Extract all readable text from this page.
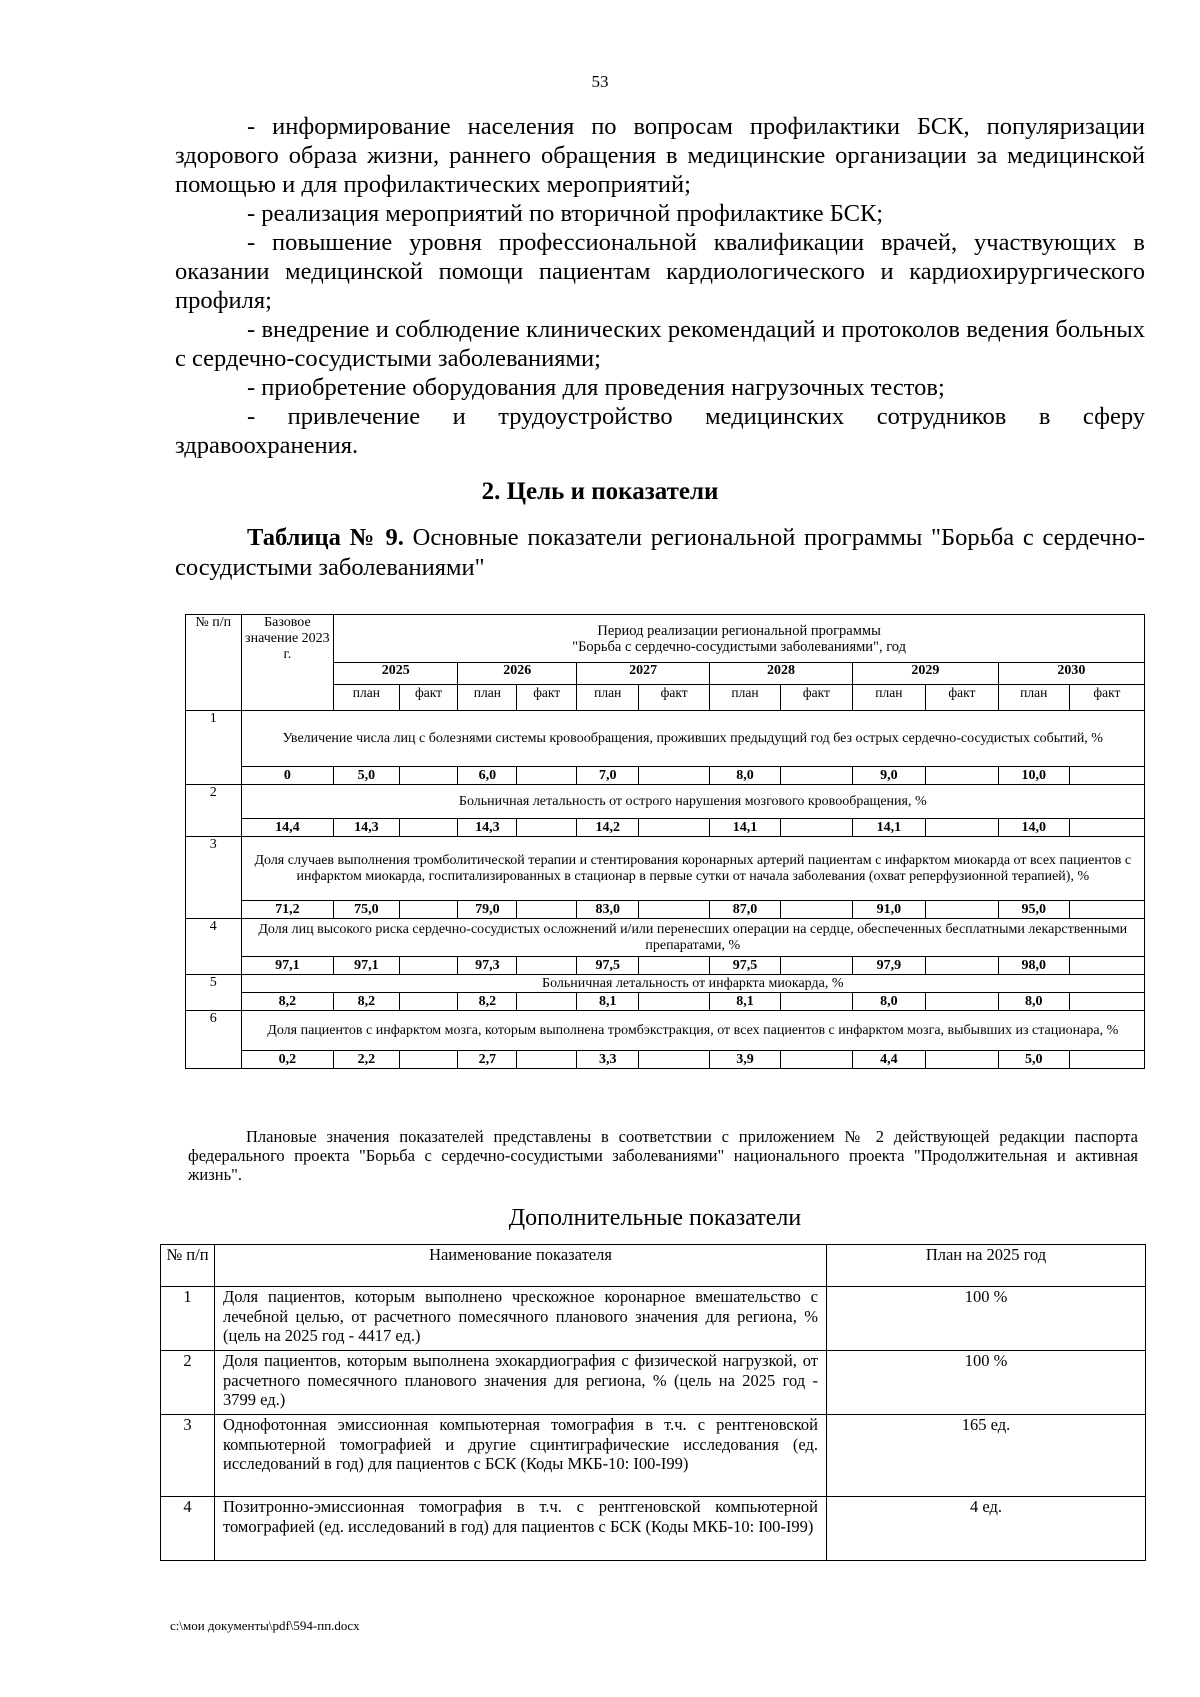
53

- информирование населения по вопросам профилактики БСК, популяризации здорового образа жизни, раннего обращения в медицинские организации за медицинской помощью и для профилактических мероприятий;

- реализация мероприятий по вторичной профилактике БСК;

- повышение уровня профессиональной квалификации врачей, участвующих в оказании медицинской помощи пациентам кардиологического и кардиохирургического профиля;

- внедрение и соблюдение клинических рекомендаций и протоколов ведения больных с сердечно-сосудистыми заболеваниями;

- приобретение оборудования для проведения нагрузочных тестов;

- привлечение и трудоустройство медицинских сотрудников в сферу здравоохранения.

2. Цель и показатели
Таблица № 9. Основные показатели региональной программы "Борьба с сердечно-сосудистыми заболеваниями"
№ п/п	Базовое значение 2023 г.	Период реализации региональной программы
"Борьба с сердечно-сосудистыми заболеваниями", год											

		2025		2026		2027		2028		2029		2030	
		план	факт	план	факт	план	факт	план	факт	план	факт	план	факт
1	Увеличение числа лиц с болезнями системы кровообращения, проживших предыдущий год без острых сердечно-сосудистых событий, %												
	0	5,0		6,0		7,0		8,0		9,0		10,0	
2	Больничная летальность от острого нарушения мозгового кровообращения, %												
	14,4	14,3		14,3		14,2		14,1		14,1		14,0	
3	Доля случаев выполнения тромболитической терапии и стентирования коронарных артерий пациентам с инфарктом миокарда от всех пациентов с инфарктом миокарда, госпитализированных в стационар в первые сутки от начала заболевания (охват реперфузионной терапией), %												
	71,2	75,0		79,0		83,0		87,0		91,0		95,0	
4	Доля лиц высокого риска сердечно-сосудистых осложнений и/или перенесших операции на сердце, обеспеченных бесплатными лекарственными препаратами, %												
	97,1	97,1		97,3		97,5		97,5		97,9		98,0	
5	Больничная летальность от инфаркта миокарда, %												
	8,2	8,2		8,2		8,1		8,1		8,0		8,0	
6	Доля пациентов с инфарктом мозга, которым выполнена тромбэкстракция, от всех пациентов с инфарктом мозга, выбывших из стационара, %												
	0,2	2,2		2,7		3,3		3,9		4,4		5,0	
Плановые значения показателей представлены в соответствии с приложением № 2 действующей редакции паспорта федерального проекта "Борьба с сердечно-сосудистыми заболеваниями" национального проекта "Продолжительная и активная жизнь".
Дополнительные показатели
№ п/п	Наименование показателя	План на 2025 год
1	Доля пациентов, которым выполнено чрескожное коронарное вмешательство с лечебной целью, от расчетного помесячного планового значения для региона, % (цель на 2025 год - 4417 ед.)	100 %
2	Доля пациентов, которым выполнена эхокардиография с физической нагрузкой, от расчетного помесячного планового значения для региона, % (цель на 2025 год - 3799 ед.)	100 %
3	Однофотонная эмиссионная компьютерная томография в т.ч. с рентгеновской компьютерной томографией и другие сцинтиграфические исследования (ед. исследований в год) для пациентов с БСК (Коды МКБ-10: I00-I99)	165 ед.
4	Позитронно-эмиссионная томография в т.ч. с рентгеновской компьютерной томографией (ед. исследований в год) для пациентов с БСК (Коды МКБ-10: I00-I99)	4 ед.
c:\мои документы\pdf\594-пп.docx
